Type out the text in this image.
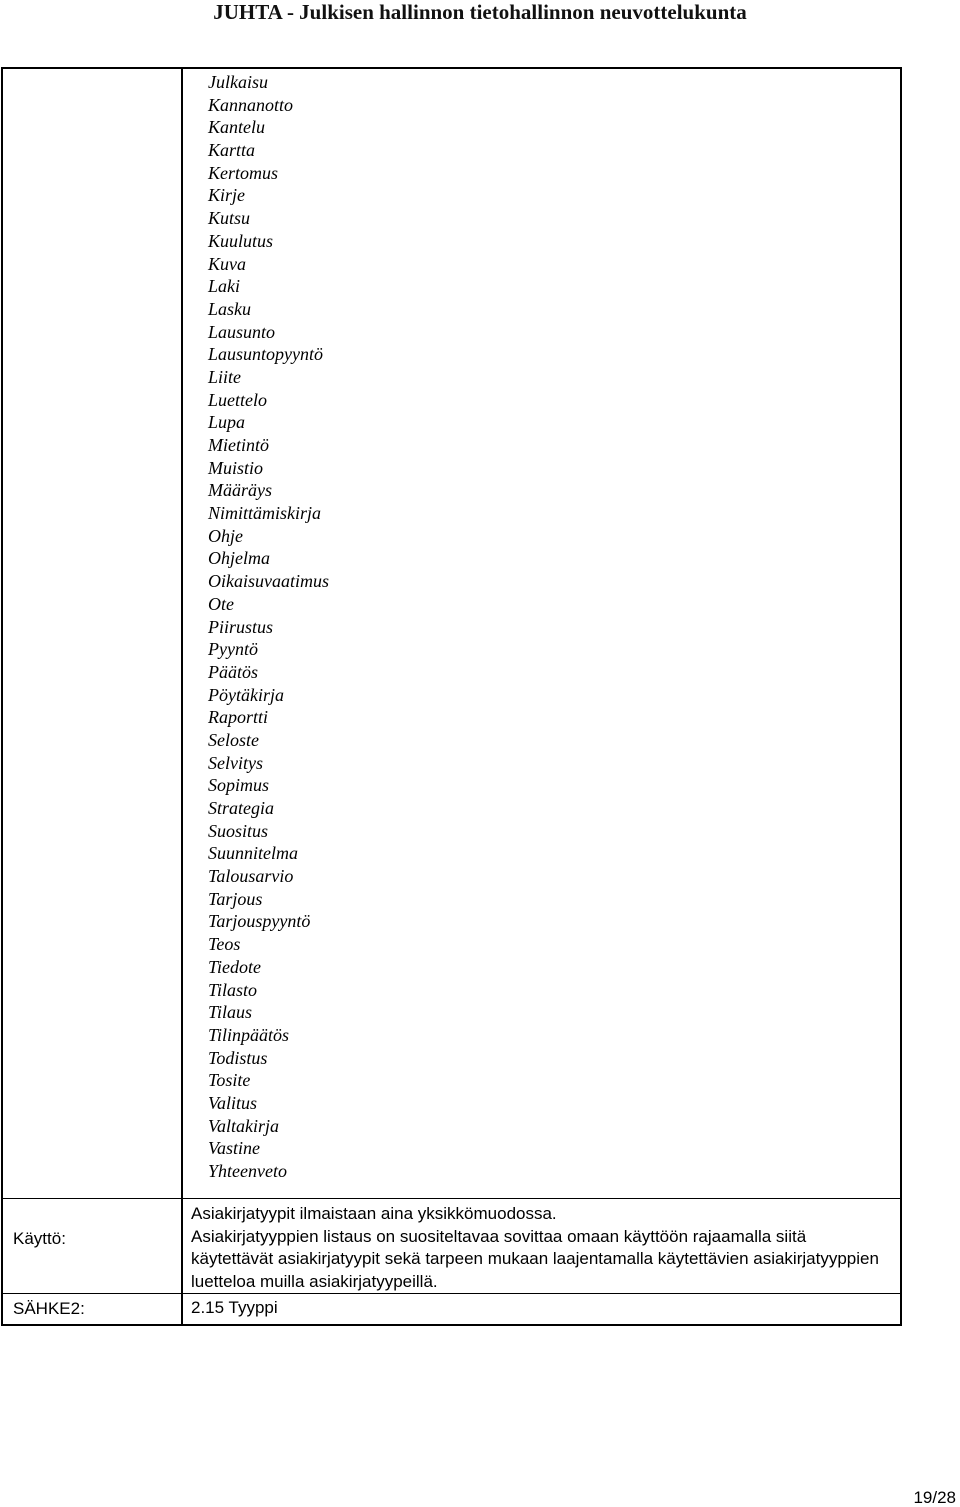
JUHTA - Julkisen hallinnon tietohallinnon neuvottelukunta
Julkaisu
Kannanotto
Kantelu
Kartta
Kertomus
Kirje
Kutsu
Kuulutus
Kuva
Laki
Lasku
Lausunto
Lausuntopyyntö
Liite
Luettelo
Lupa
Mietintö
Muistio
Määräys
Nimittämiskirja
Ohje
Ohjelma
Oikaisuvaatimus
Ote
Piirustus
Pyyntö
Päätös
Pöytäkirja
Raportti
Seloste
Selvitys
Sopimus
Strategia
Suositus
Suunnitelma
Talousarvio
Tarjous
Tarjouspyyntö
Teos
Tiedote
Tilasto
Tilaus
Tilinpäätös
Todistus
Tosite
Valitus
Valtakirja
Vastine
Yhteenveto
Käyttö:

Asiakirjatyypit ilmaistaan aina yksikkömuodossa.

Asiakirjatyyppien listaus on suositeltavaa sovittaa omaan käyttöön rajaamalla siitä käytettävät asiakirjatyypit sekä tarpeen mukaan laajentamalla käytettävien asiakirjatyyppien luetteloa muilla asiakirjatyypeillä.

SÄHKE2:	2.15 Tyyppi
19/28
